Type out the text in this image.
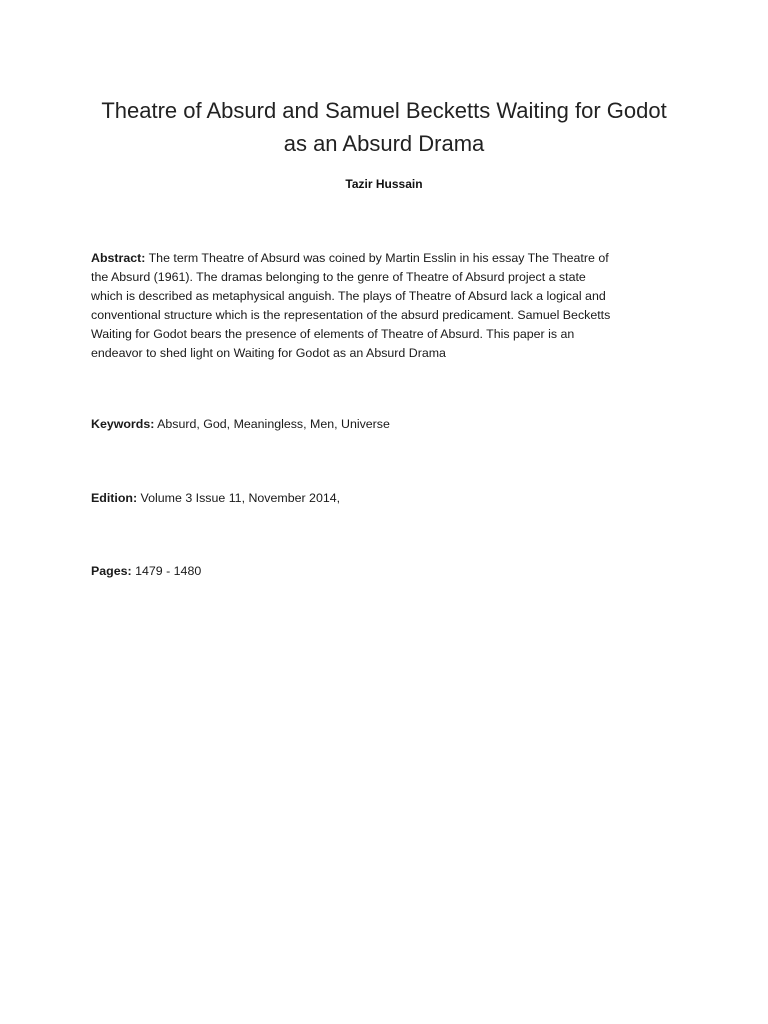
Theatre of Absurd and Samuel Becketts Waiting for Godot
as an Absurd Drama
Tazir Hussain
Abstract: The term Theatre of Absurd was coined by Martin Esslin in his essay The Theatre of
the Absurd (1961). The dramas belonging to the genre of Theatre of Absurd project a state
which is described as metaphysical anguish. The plays of Theatre of Absurd lack a logical and
conventional structure which is the representation of the absurd predicament. Samuel Becketts
Waiting for Godot bears the presence of elements of Theatre of Absurd. This paper is an
endeavor to shed light on Waiting for Godot as an Absurd Drama
Keywords: Absurd, God, Meaningless, Men, Universe
Edition: Volume 3 Issue 11, November 2014,
Pages: 1479 - 1480
